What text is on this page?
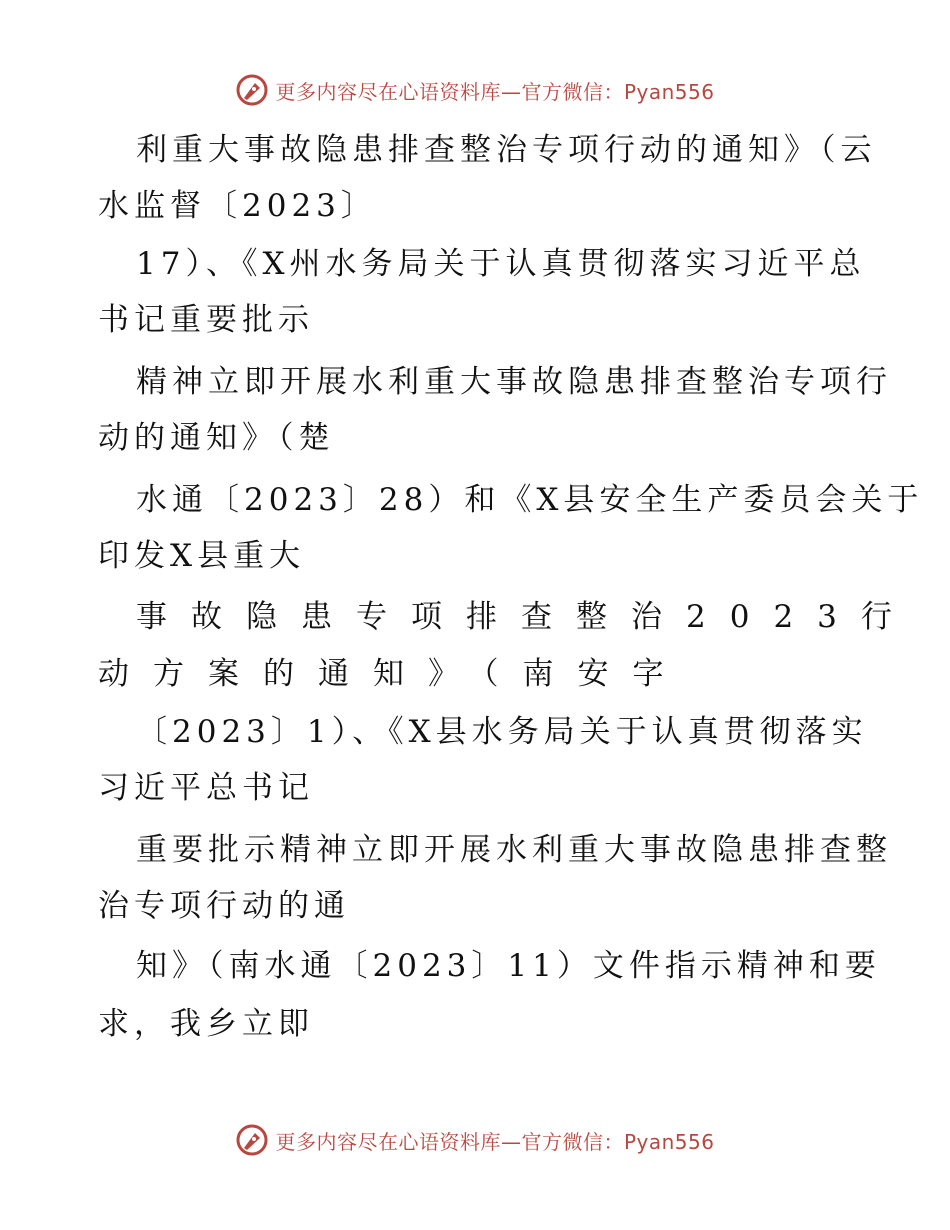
更多内容尽在心语资料库—官方微信：Pyan556
利重大事故隐患排查整治专项行动的通知》（云
水监督〔2023〕
17）、《X州水务局关于认真贯彻落实习近平总
书记重要批示
精神立即开展水利重大事故隐患排查整治专项行
动的通知》（楚
水通〔2023〕28）和《X县安全生产委员会关于
印发X县重大
事故隐患专项排查整治2023行
动方案的通知》（南安字
〔2023〕1）、《X县水务局关于认真贯彻落实
习近平总书记
重要批示精神立即开展水利重大事故隐患排查整
治专项行动的通
知》（南水通〔2023〕11）文件指示精神和要
求，我乡立即
更多内容尽在心语资料库—官方微信：Pyan556
